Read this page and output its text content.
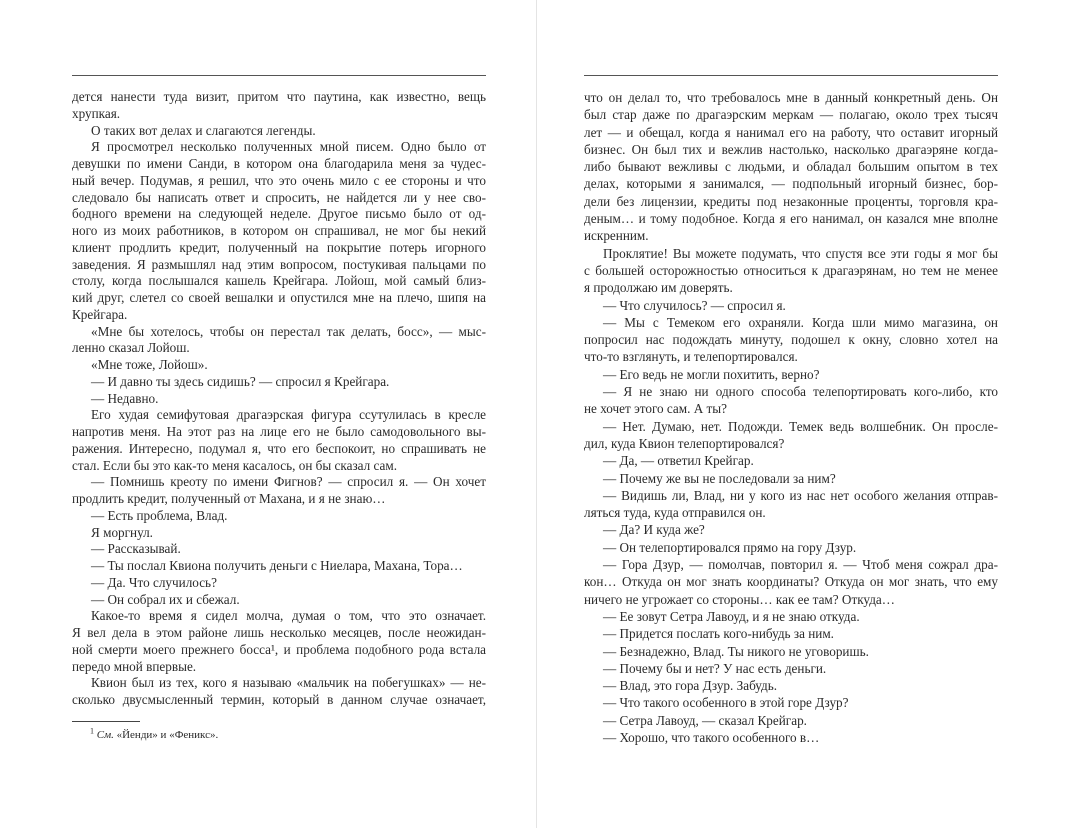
дется нанести туда визит, притом что паутина, как известно, вещь
хрупкая.
О таких вот делах и слагаются легенды.
Я просмотрел несколько полученных мной писем. Одно было от
девушки по имени Санди, в котором она благодарила меня за чудес-
ный вечер. Подумав, я решил, что это очень мило с ее стороны и что
следовало бы написать ответ и спросить, не найдется ли у нее сво-
бодного времени на следующей неделе. Другое письмо было от од-
ного из моих работников, в котором он спрашивал, не мог бы некий
клиент продлить кредит, полученный на покрытие потерь игорного
заведения. Я размышлял над этим вопросом, постукивая пальцами по
столу, когда послышался кашель Крейгара. Лойош, мой самый близ-
кий друг, слетел со своей вешалки и опустился мне на плечо, шипя на
Крейгара.
«Мне бы хотелось, чтобы он перестал так делать, босс», — мыс-
ленно сказал Лойош.
«Мне тоже, Лойош».
— И давно ты здесь сидишь? — спросил я Крейгара.
— Недавно.
Его худая семифутовая драгаэрская фигура ссутулилась в кресле
напротив меня. На этот раз на лице его не было самодовольного вы-
ражения. Интересно, подумал я, что его беспокоит, но спрашивать не
стал. Если бы это как-то меня касалось, он бы сказал сам.
— Помнишь креоту по имени Фигнов? — спросил я. — Он хочет
продлить кредит, полученный от Махана, и я не знаю…
— Есть проблема, Влад.
Я моргнул.
— Рассказывай.
— Ты послал Квиона получить деньги с Ниелара, Махана, Тора…
— Да. Что случилось?
— Он собрал их и сбежал.
Какое-то время я сидел молча, думая о том, что это означает.
Я вел дела в этом районе лишь несколько месяцев, после неожидан-
ной смерти моего прежнего босса¹, и проблема подобного рода встала
передо мной впервые.
Квион был из тех, кого я называю «мальчик на побегушках» — не-
сколько двусмысленный термин, который в данном случае означает,
$^1$ См. «Йенди» и «Феникс».
что он делал то, что требовалось мне в данный конкретный день. Он
был стар даже по драгаэрским меркам — полагаю, около трех тысяч
лет — и обещал, когда я нанимал его на работу, что оставит игорный
бизнес. Он был тих и вежлив настолько, насколько драгаэряне когда-
либо бывают вежливы с людьми, и обладал большим опытом в тех
делах, которыми я занимался, — подпольный игорный бизнес, бор-
дели без лицензии, кредиты под незаконные проценты, торговля кра-
деным… и тому подобное. Когда я его нанимал, он казался мне вполне
искренним.
Проклятие! Вы можете подумать, что спустя все эти годы я мог бы
с большей осторожностью относиться к драгаэрянам, но тем не менее
я продолжаю им доверять.
— Что случилось? — спросил я.
— Мы с Темеком его охраняли. Когда шли мимо магазина, он
попросил нас подождать минуту, подошел к окну, словно хотел на
что-то взглянуть, и телепортировался.
— Его ведь не могли похитить, верно?
— Я не знаю ни одного способа телепортировать кого-либо, кто
не хочет этого сам. А ты?
— Нет. Думаю, нет. Подожди. Темек ведь волшебник. Он просле-
дил, куда Квион телепортировался?
— Да, — ответил Крейгар.
— Почему же вы не последовали за ним?
— Видишь ли, Влад, ни у кого из нас нет особого желания отправ-
ляться туда, куда отправился он.
— Да? И куда же?
— Он телепортировался прямо на гору Дзур.
— Гора Дзур, — помолчав, повторил я. — Чтоб меня сожрал дра-
кон… Откуда он мог знать координаты? Откуда он мог знать, что ему
ничего не угрожает со стороны… как ее там? Откуда…
— Ее зовут Сетра Лавоуд, и я не знаю откуда.
— Придется послать кого-нибудь за ним.
— Безнадежно, Влад. Ты никого не уговоришь.
— Почему бы и нет? У нас есть деньги.
— Влад, это гора Дзур. Забудь.
— Что такого особенного в этой горе Дзур?
— Сетра Лавоуд, — сказал Крейгар.
— Хорошо, что такого особенного в…
